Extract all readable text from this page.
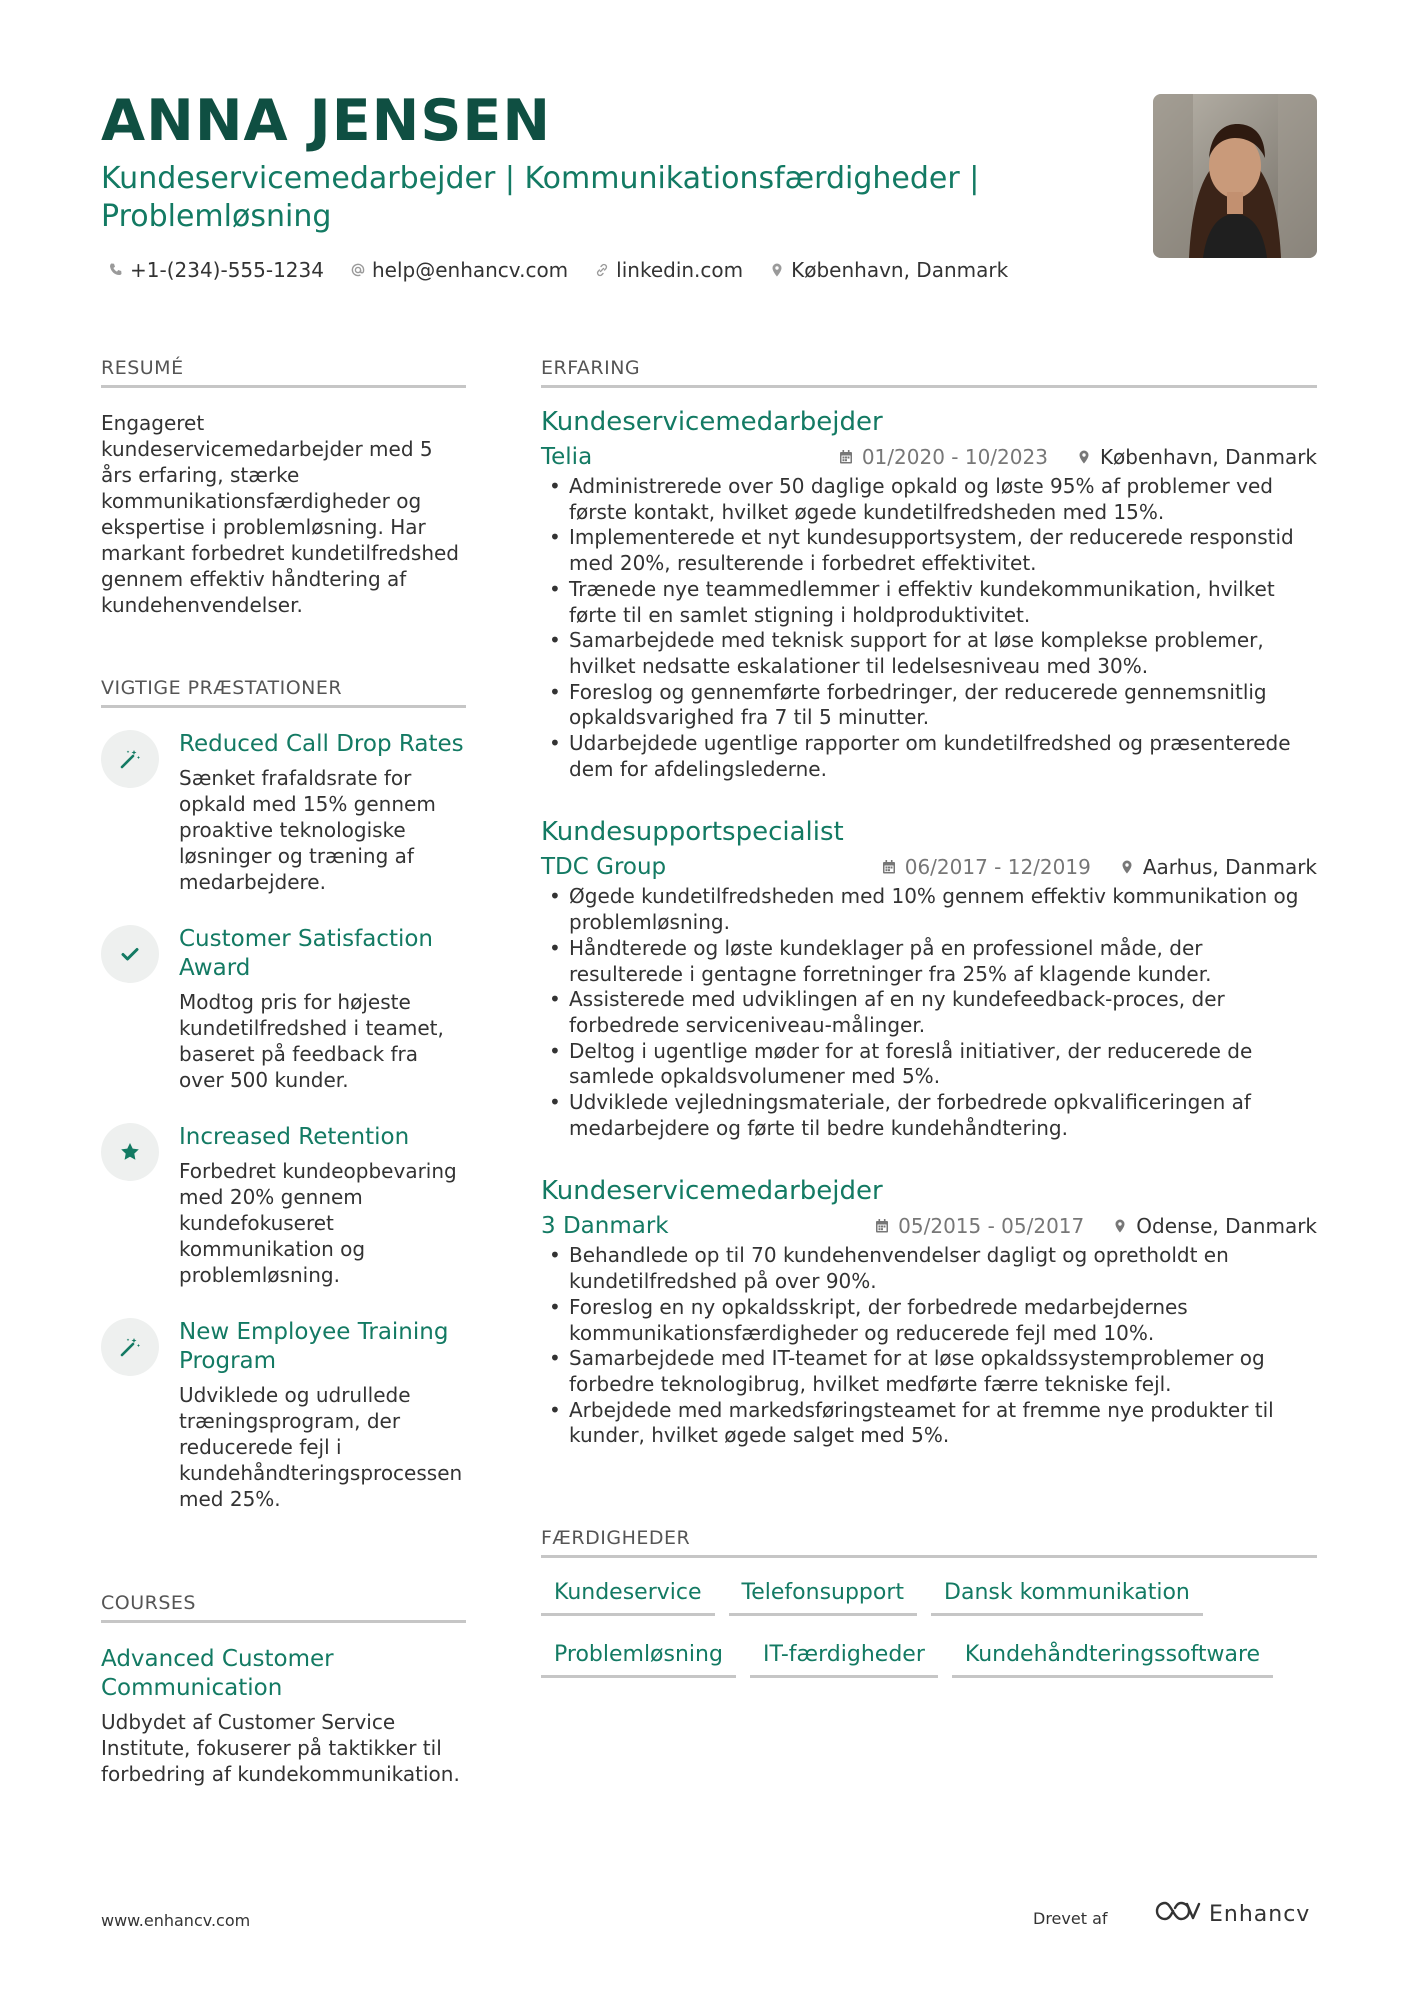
ANNA JENSEN
Kundeservicemedarbejder | Kommunikationsfærdigheder | Problemløsning
+1-(234)-555-1234 help@enhancv.com linkedin.com København, Danmark
RESUMÉ
Engageret kundeservicemedarbejder med 5 års erfaring, stærke kommunikationsfærdigheder og ekspertise i problemløsning. Har markant forbedret kundetilfredshed gennem effektiv håndtering af kundehenvendelser.
VIGTIGE PRÆSTATIONER
Reduced Call Drop Rates
Sænket frafaldsrate for opkald med 15% gennem proaktive teknologiske løsninger og træning af medarbejdere.
Customer Satisfaction Award
Modtog pris for højeste kundetilfredshed i teamet, baseret på feedback fra over 500 kunder.
Increased Retention
Forbedret kundeopbevaring med 20% gennem kundefokuseret kommunikation og problemløsning.
New Employee Training Program
Udviklede og udrullede træningsprogram, der reducerede fejl i kundehåndteringsprocessen med 25%.
COURSES
Advanced Customer Communication
Udbydet af Customer Service Institute, fokuserer på taktikker til forbedring af kundekommunikation.
ERFARING
Kundeservicemedarbejder
Telia	01/2020 - 10/2023	København, Danmark
• Administrerede over 50 daglige opkald og løste 95% af problemer ved første kontakt, hvilket øgede kundetilfredsheden med 15%.
• Implementerede et nyt kundesupportsystem, der reducerede responstid med 20%, resulterende i forbedret effektivitet.
• Trænede nye teammedlemmer i effektiv kundekommunikation, hvilket førte til en samlet stigning i holdproduktivitet.
• Samarbejdede med teknisk support for at løse komplekse problemer, hvilket nedsatte eskalationer til ledelsesniveau med 30%.
• Foreslog og gennemførte forbedringer, der reducerede gennemsnitlig opkaldsvarighed fra 7 til 5 minutter.
• Udarbejdede ugentlige rapporter om kundetilfredshed og præsenterede dem for afdelingslederne.
Kundesupportspecialist
TDC Group	06/2017 - 12/2019	Aarhus, Danmark
• Øgede kundetilfredsheden med 10% gennem effektiv kommunikation og problemløsning.
• Håndterede og løste kundeklager på en professionel måde, der resulterede i gentagne forretninger fra 25% af klagende kunder.
• Assisterede med udviklingen af en ny kundefeedback-proces, der forbedrede serviceniveau-målinger.
• Deltog i ugentlige møder for at foreslå initiativer, der reducerede de samlede opkaldsvolumener med 5%.
• Udviklede vejledningsmateriale, der forbedrede opkvalificeringen af medarbejdere og førte til bedre kundehåndtering.
Kundeservicemedarbejder
3 Danmark	05/2015 - 05/2017	Odense, Danmark
• Behandlede op til 70 kundehenvendelser dagligt og opretholdt en kundetilfredshed på over 90%.
• Foreslog en ny opkaldsskript, der forbedrede medarbejdernes kommunikationsfærdigheder og reducerede fejl med 10%.
• Samarbejdede med IT-teamet for at løse opkaldssystemproblemer og forbedre teknologibrug, hvilket medførte færre tekniske fejl.
• Arbejdede med markedsføringsteamet for at fremme nye produkter til kunder, hvilket øgede salget med 5%.
FÆRDIGHEDER
Kundeservice	Telefonsupport	Dansk kommunikation
Problemløsning	IT-færdigheder	Kundehåndteringssoftware
www.enhancv.com	Drevet af	Enhancv
